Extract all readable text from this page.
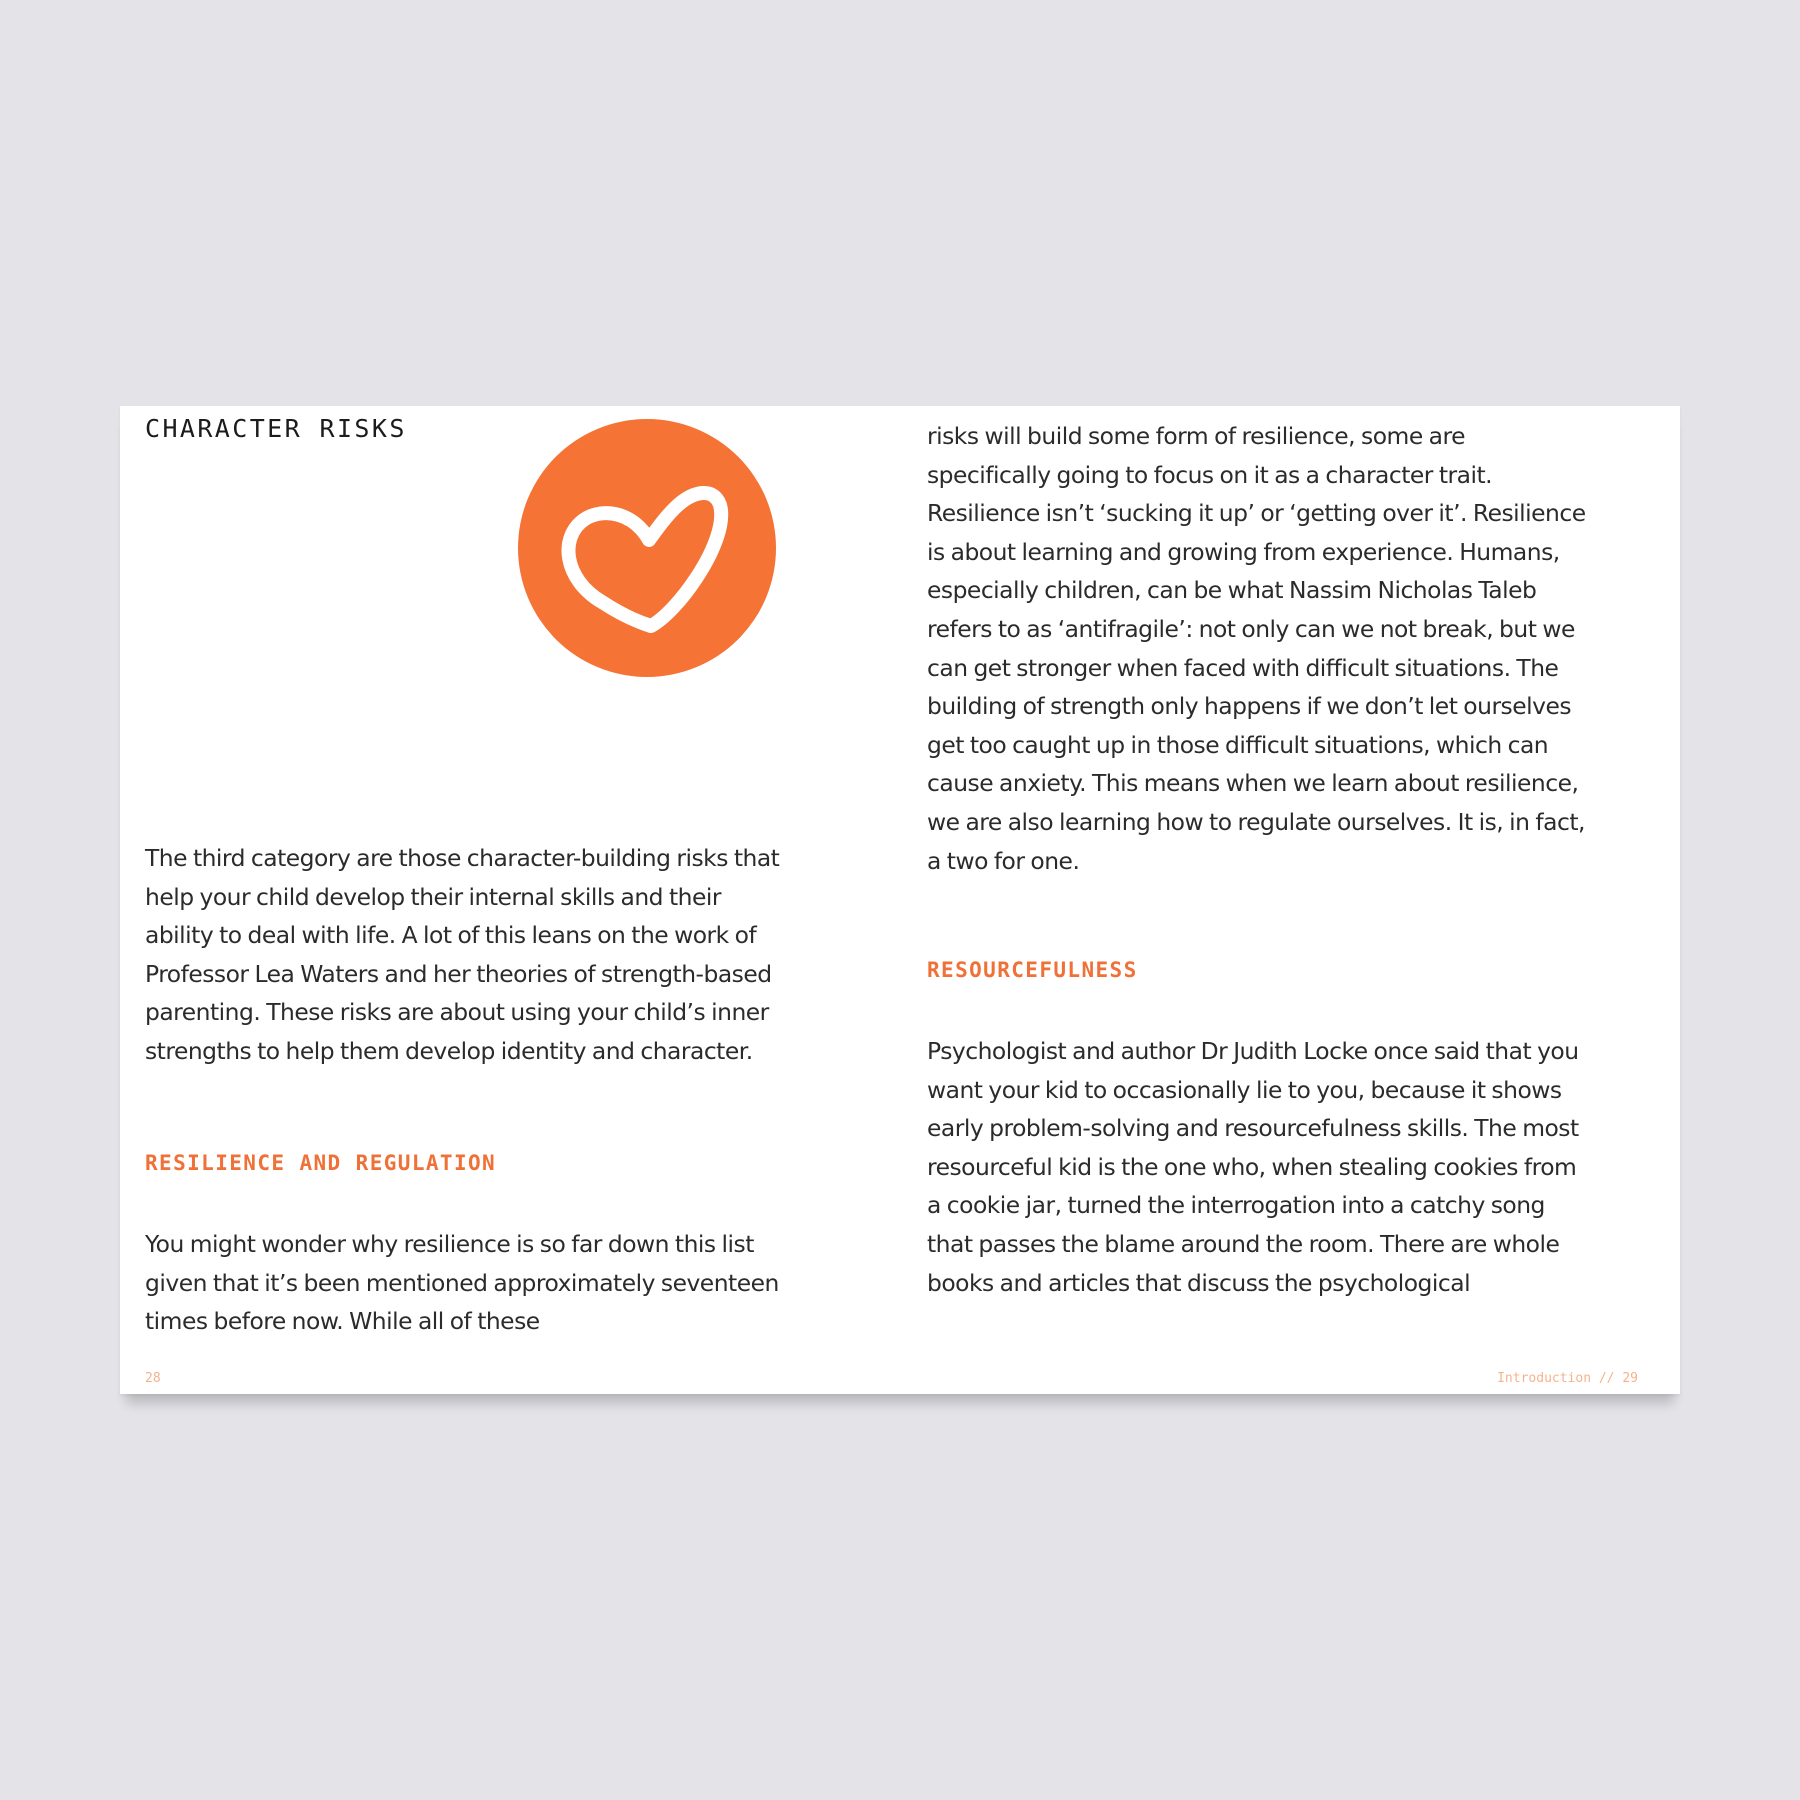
CHARACTER RISKS

The third category are those character-building risks that help your child develop their internal skills and their ability to deal with life. A lot of this leans on the work of Professor Lea Waters and her theories of strength-based parenting. These risks are about using your child’s inner strengths to help them develop identity and character.

RESILIENCE AND REGULATION

You might wonder why resilience is so far down this list given that it’s been mentioned approximately seventeen times before now. While all of these

28

risks will build some form of resilience, some are specifically going to focus on it as a character trait. Resilience isn’t ‘sucking it up’ or ‘getting over it’. Resilience is about learning and growing from experience. Humans, especially children, can be what Nassim Nicholas Taleb refers to as ‘antifragile’: not only can we not break, but we can get stronger when faced with difficult situations. The building of strength only happens if we don’t let ourselves get too caught up in those difficult situations, which can cause anxiety. This means when we learn about resilience, we are also learning how to regulate ourselves. It is, in fact, a two for one.

RESOURCEFULNESS

Psychologist and author Dr Judith Locke once said that you want your kid to occasionally lie to you, because it shows early problem-solving and resourcefulness skills. The most resourceful kid is the one who, when stealing cookies from a cookie jar, turned the interrogation into a catchy song that passes the blame around the room. There are whole books and articles that discuss the psychological

Introduction // 29
